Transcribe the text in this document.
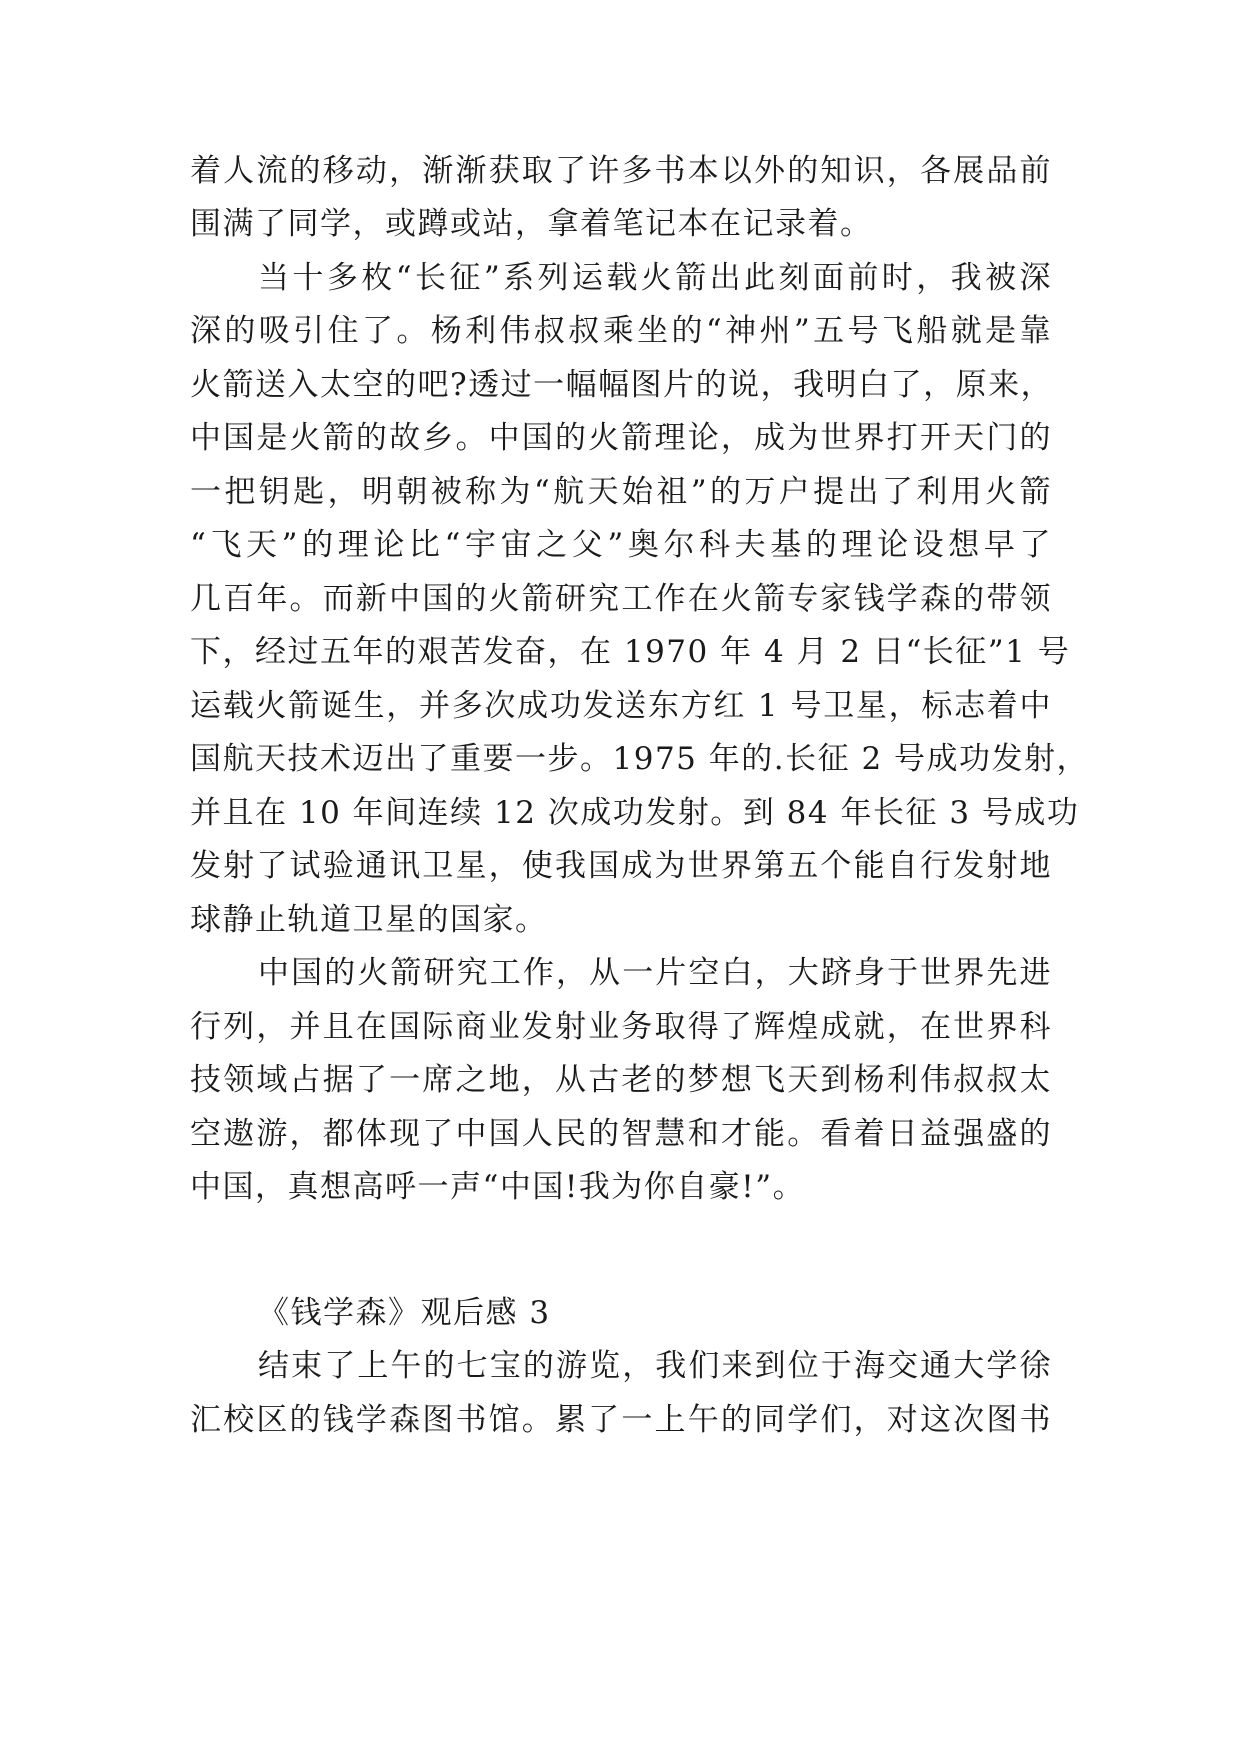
着人流的移动，渐渐获取了许多书本以外的知识，各展品前
围满了同学，或蹲或站，拿着笔记本在记录着。
当十多枚“长征”系列运载火箭出此刻面前时，我被深
深的吸引住了。杨利伟叔叔乘坐的“神州”五号飞船就是靠
火箭送入太空的吧?透过一幅幅图片的说，我明白了，原来，
中国是火箭的故乡。中国的火箭理论，成为世界打开天门的
一把钥匙，明朝被称为“航天始祖”的万户提出了利用火箭
“飞天”的理论比“宇宙之父”奥尔科夫基的理论设想早了
几百年。而新中国的火箭研究工作在火箭专家钱学森的带领
下，经过五年的艰苦发奋，在 1970 年 4 月 2 日“长征”1 号
运载火箭诞生，并多次成功发送东方红 1 号卫星，标志着中
国航天技术迈出了重要一步。1975 年的.长征 2 号成功发射，
并且在 10 年间连续 12 次成功发射。到 84 年长征 3 号成功
发射了试验通讯卫星，使我国成为世界第五个能自行发射地
球静止轨道卫星的国家。
中国的火箭研究工作，从一片空白，大跻身于世界先进
行列，并且在国际商业发射业务取得了辉煌成就，在世界科
技领域占据了一席之地，从古老的梦想飞天到杨利伟叔叔太
空遨游，都体现了中国人民的智慧和才能。看着日益强盛的
中国，真想高呼一声“中国!我为你自豪!”。
《钱学森》观后感 3
结束了上午的七宝的游览，我们来到位于海交通大学徐
汇校区的钱学森图书馆。累了一上午的同学们，对这次图书
